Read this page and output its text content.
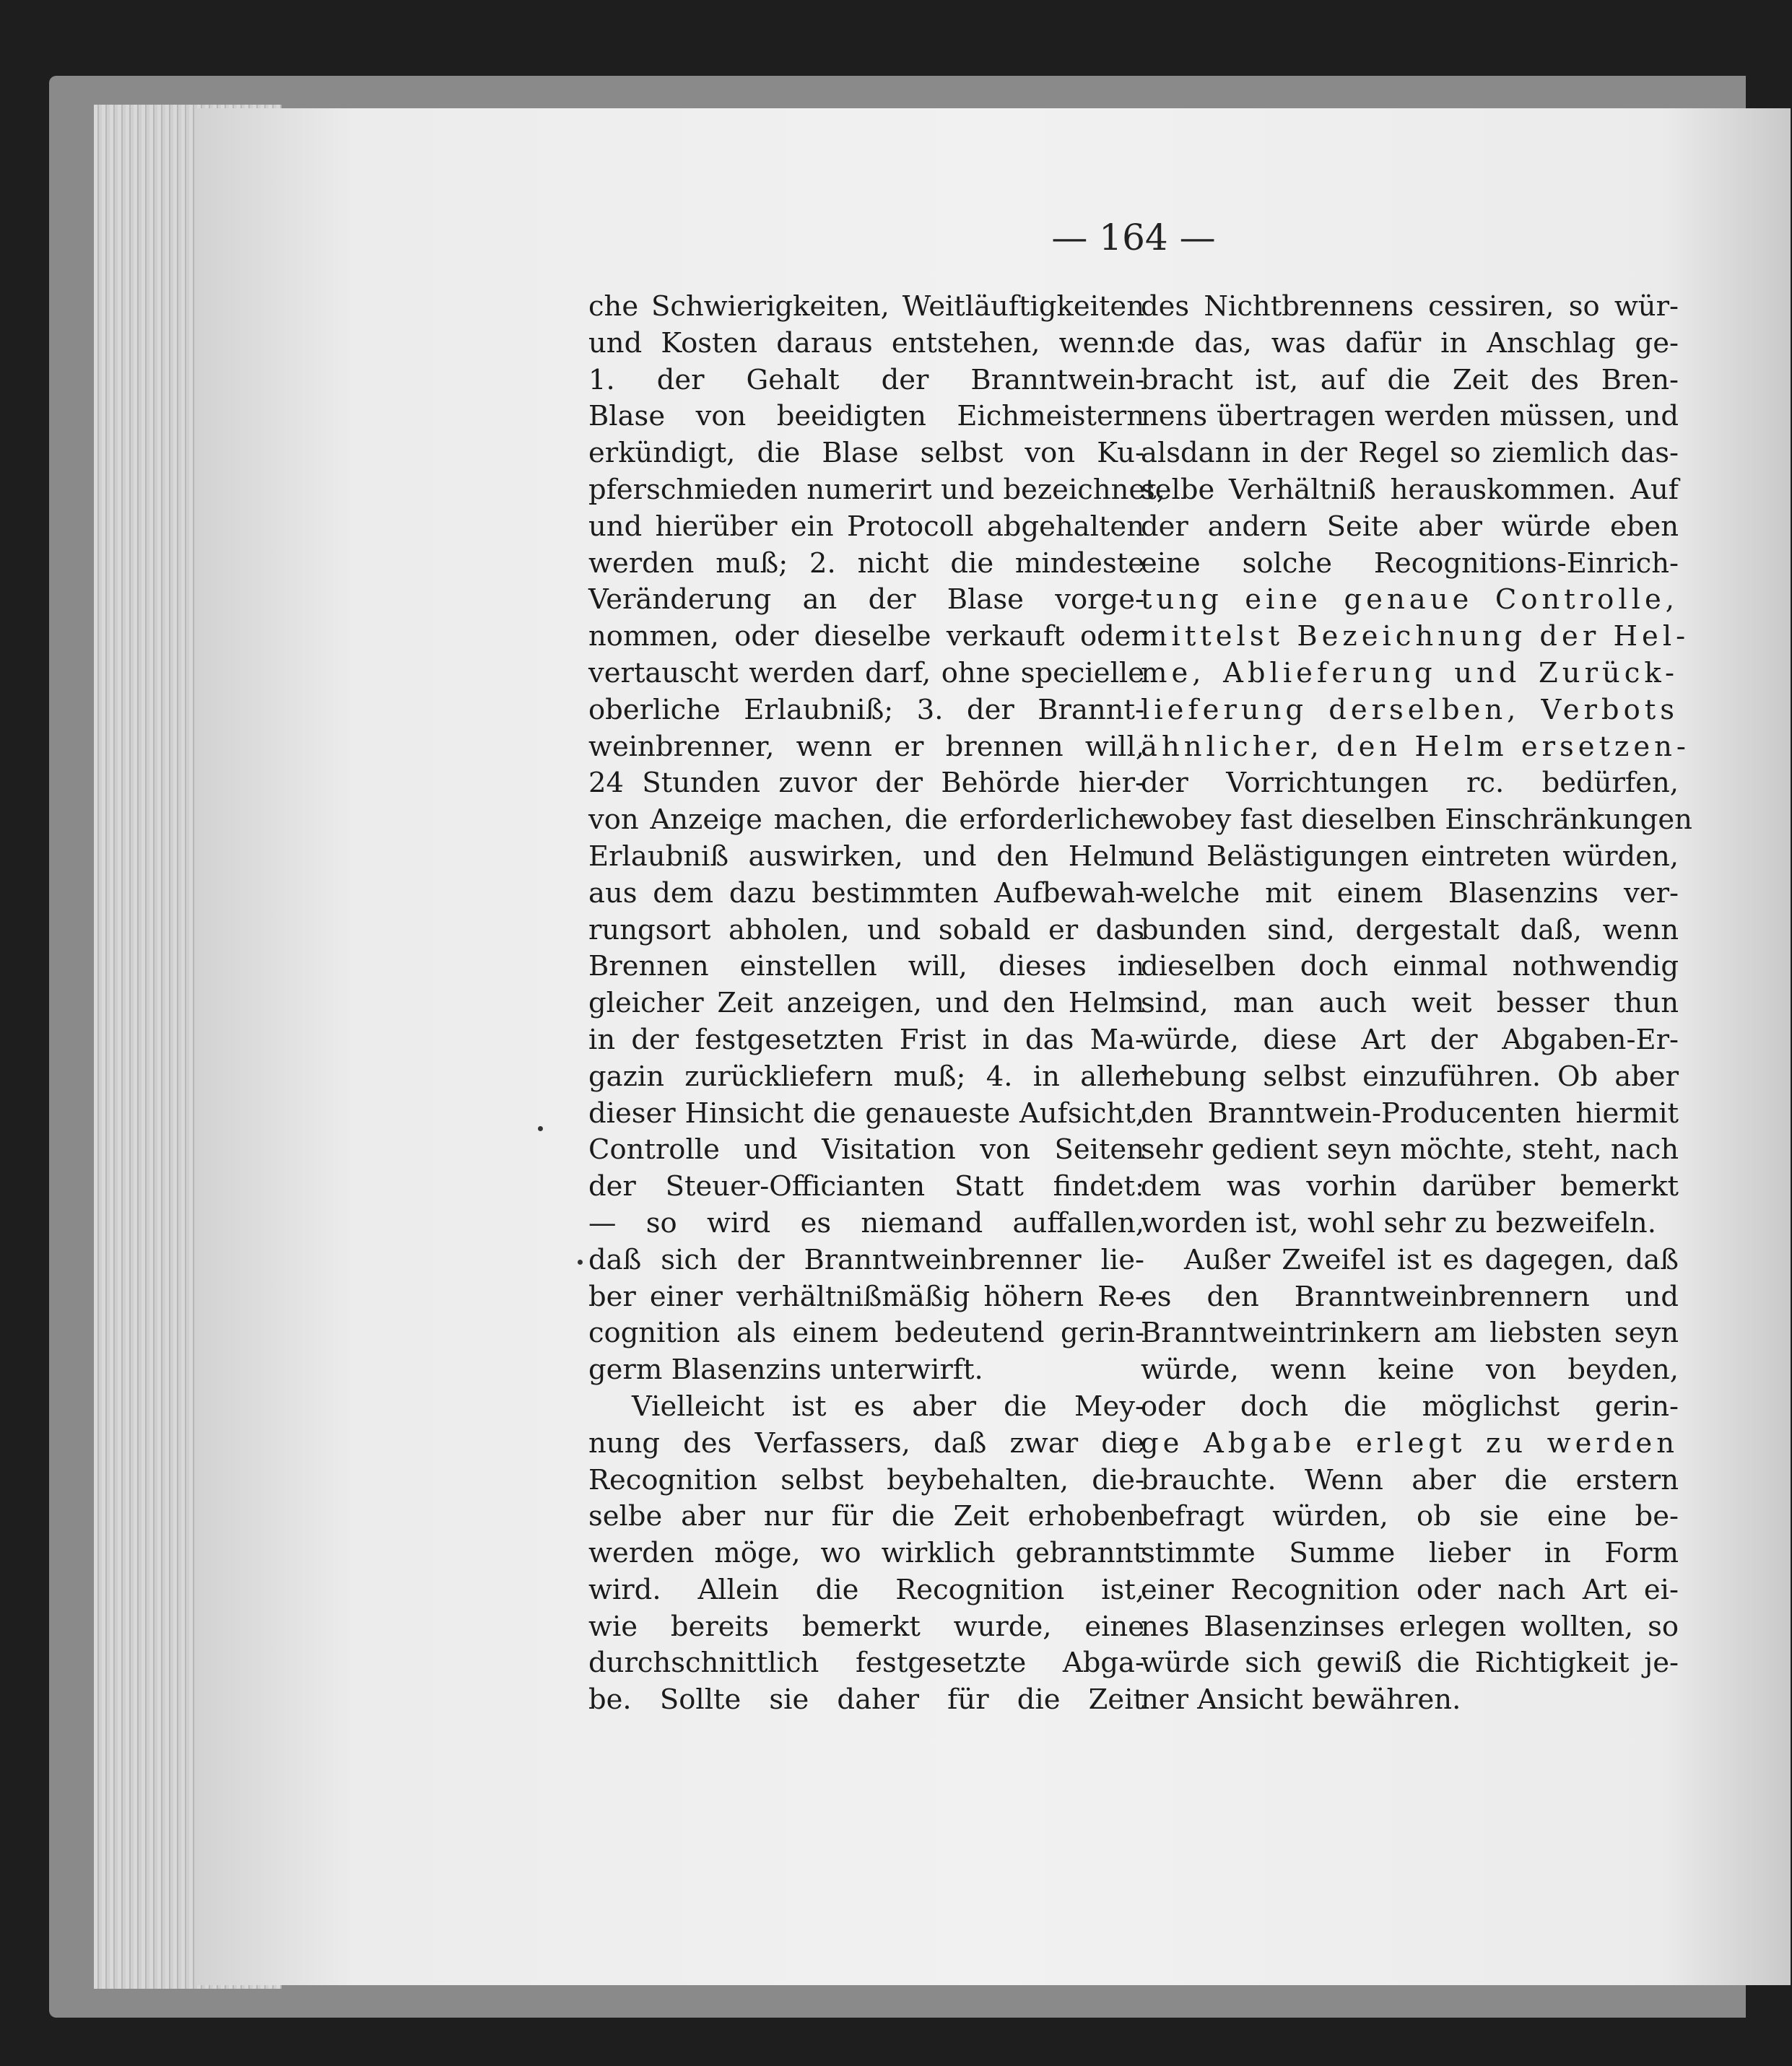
— 164 —
che Schwierigkeiten, Weitläuftigkeiten
und Kosten daraus entstehen, wenn:
1. der Gehalt der Branntwein-
Blase von beeidigten Eichmeistern
erkündigt, die Blase selbst von Ku-
pferschmieden numerirt und bezeichnet,
und hierüber ein Protocoll abgehalten
werden muß; 2. nicht die mindeste
Veränderung an der Blase vorge-
nommen, oder dieselbe verkauft oder
vertauscht werden darf, ohne specielle
oberliche Erlaubniß; 3. der Brannt-
weinbrenner, wenn er brennen will,
24 Stunden zuvor der Behörde hier-
von Anzeige machen, die erforderliche
Erlaubniß auswirken, und den Helm
aus dem dazu bestimmten Aufbewah-
rungsort abholen, und sobald er das
Brennen einstellen will, dieses in
gleicher Zeit anzeigen, und den Helm
in der festgesetzten Frist in das Ma-
gazin zurückliefern muß; 4. in aller
dieser Hinsicht die genaueste Aufsicht,
Controlle und Visitation von Seiten
der Steuer-Officianten Statt findet:
— so wird es niemand auffallen,
daß sich der Branntweinbrenner lie-
ber einer verhältnißmäßig höhern Re-
cognition als einem bedeutend gerin-
germ Blasenzins unterwirft.
Vielleicht ist es aber die Mey-
nung des Verfassers, daß zwar die
Recognition selbst beybehalten, die-
selbe aber nur für die Zeit erhoben
werden möge, wo wirklich gebrannt
wird. Allein die Recognition ist,
wie bereits bemerkt wurde, eine
durchschnittlich festgesetzte Abga-
be. Sollte sie daher für die Zeit
des Nichtbrennens cessiren, so wür-
de das, was dafür in Anschlag ge-
bracht ist, auf die Zeit des Bren-
nens übertragen werden müssen, und
alsdann in der Regel so ziemlich das-
selbe Verhältniß herauskommen. Auf
der andern Seite aber würde eben
eine solche Recognitions-Einrich-
tung eine genaue Controlle,
mittelst Bezeichnung der Hel-
me, Ablieferung und Zurück-
lieferung derselben, Verbots
ähnlicher, den Helm ersetzen-
der Vorrichtungen rc. bedürfen,
wobey fast dieselben Einschränkungen
und Belästigungen eintreten würden,
welche mit einem Blasenzins ver-
bunden sind, dergestalt daß, wenn
dieselben doch einmal nothwendig
sind, man auch weit besser thun
würde, diese Art der Abgaben-Er-
hebung selbst einzuführen. Ob aber
den Branntwein-Producenten hiermit
sehr gedient seyn möchte, steht, nach
dem was vorhin darüber bemerkt
worden ist, wohl sehr zu bezweifeln.
Außer Zweifel ist es dagegen, daß
es den Branntweinbrennern und
Branntweintrinkern am liebsten seyn
würde, wenn keine von beyden,
oder doch die möglichst gerin-
ge Abgabe erlegt zu werden
brauchte. Wenn aber die erstern
befragt würden, ob sie eine be-
stimmte Summe lieber in Form
einer Recognition oder nach Art ei-
nes Blasenzinses erlegen wollten, so
würde sich gewiß die Richtigkeit je-
ner Ansicht bewähren.
